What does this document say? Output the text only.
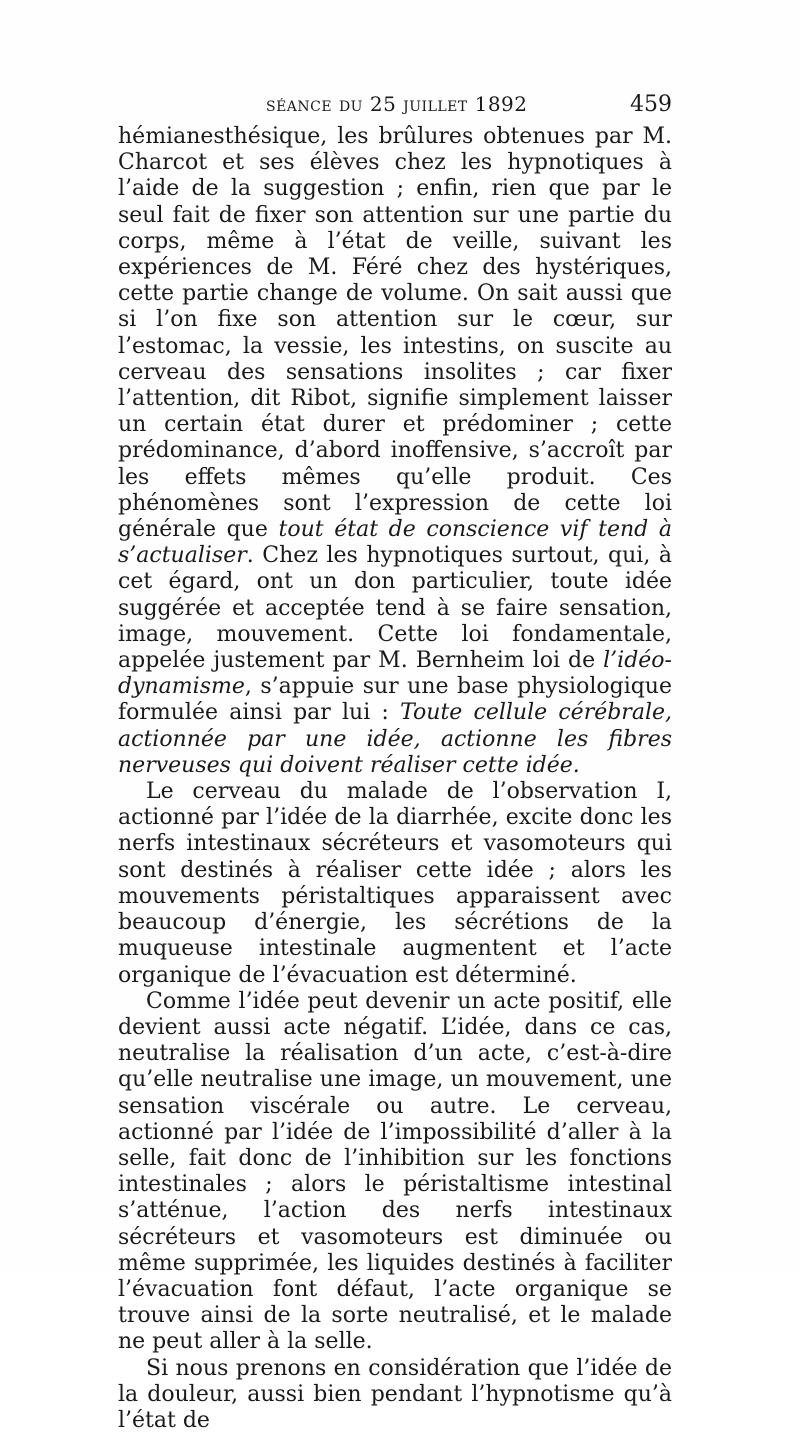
séance du 25 juillet 1892	459

hémianesthésique, les brûlures obtenues par M. Charcot et ses élèves chez les hypnotiques à l’aide de la suggestion ; enfin, rien que par le seul fait de fixer son attention sur une partie du corps, même à l’état de veille, suivant les expériences de M. Féré chez des hystériques, cette partie change de volume. On sait aussi que si l’on fixe son attention sur le cœur, sur l’estomac, la vessie, les intestins, on suscite au cerveau des sensations insolites ; car fixer l’attention, dit Ribot, signifie simplement laisser un certain état durer et prédominer ; cette prédominance, d’abord inoffensive, s’accroît par les effets mêmes qu’elle produit. Ces phénomènes sont l’expression de cette loi générale que tout état de conscience vif tend à s’actualiser. Chez les hypnotiques surtout, qui, à cet égard, ont un don particulier, toute idée suggérée et acceptée tend à se faire sensation, image, mouvement. Cette loi fondamentale, appelée justement par M. Bernheim loi de l’idéo-dynamisme, s’appuie sur une base physiologique formulée ainsi par lui : Toute cellule cérébrale, actionnée par une idée, actionne les fibres nerveuses qui doivent réaliser cette idée.

Le cerveau du malade de l’observation I, actionné par l’idée de la diarrhée, excite donc les nerfs intestinaux sécréteurs et vasomoteurs qui sont destinés à réaliser cette idée ; alors les mouvements péristaltiques apparaissent avec beaucoup d’énergie, les sécrétions de la muqueuse intestinale augmentent et l’acte organique de l’évacuation est déterminé.

Comme l’idée peut devenir un acte positif, elle devient aussi acte négatif. L’idée, dans ce cas, neutralise la réalisation d’un acte, c’est-à-dire qu’elle neutralise une image, un mouvement, une sensation viscérale ou autre. Le cerveau, actionné par l’idée de l’impossibilité d’aller à la selle, fait donc de l’inhibition sur les fonctions intestinales ; alors le péristaltisme intestinal s’atténue, l’action des nerfs intestinaux sécréteurs et vasomoteurs est diminuée ou même supprimée, les liquides destinés à faciliter l’évacuation font défaut, l’acte organique se trouve ainsi de la sorte neutralisé, et le malade ne peut aller à la selle.

Si nous prenons en considération que l’idée de la douleur, aussi bien pendant l’hypnotisme qu’à l’état de
